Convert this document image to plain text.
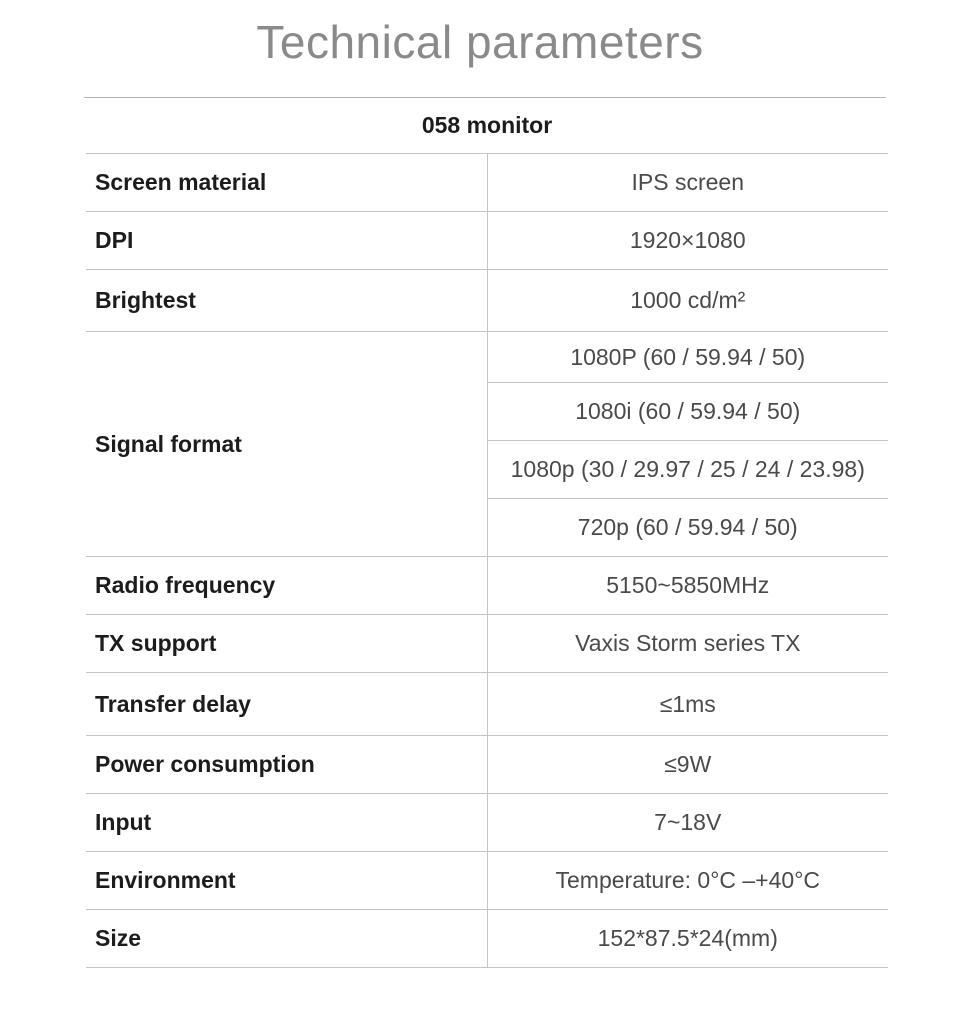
Technical parameters
058 monitor	
Screen material	IPS screen
DPI	1920×1080
Brightest	1000 cd/m²
Signal format	1080P (60 / 59.94 / 50)
	1080i (60 / 59.94 / 50)
	1080p (30 / 29.97 / 25 / 24 / 23.98)
	720p (60 / 59.94 / 50)
Radio frequency	5150~5850MHz
TX support	Vaxis Storm series TX
Transfer delay	≤1ms
Power consumption	≤9W
Input	7~18V
Environment	Temperature: 0°C –+40°C
Size	152*87.5*24(mm)
